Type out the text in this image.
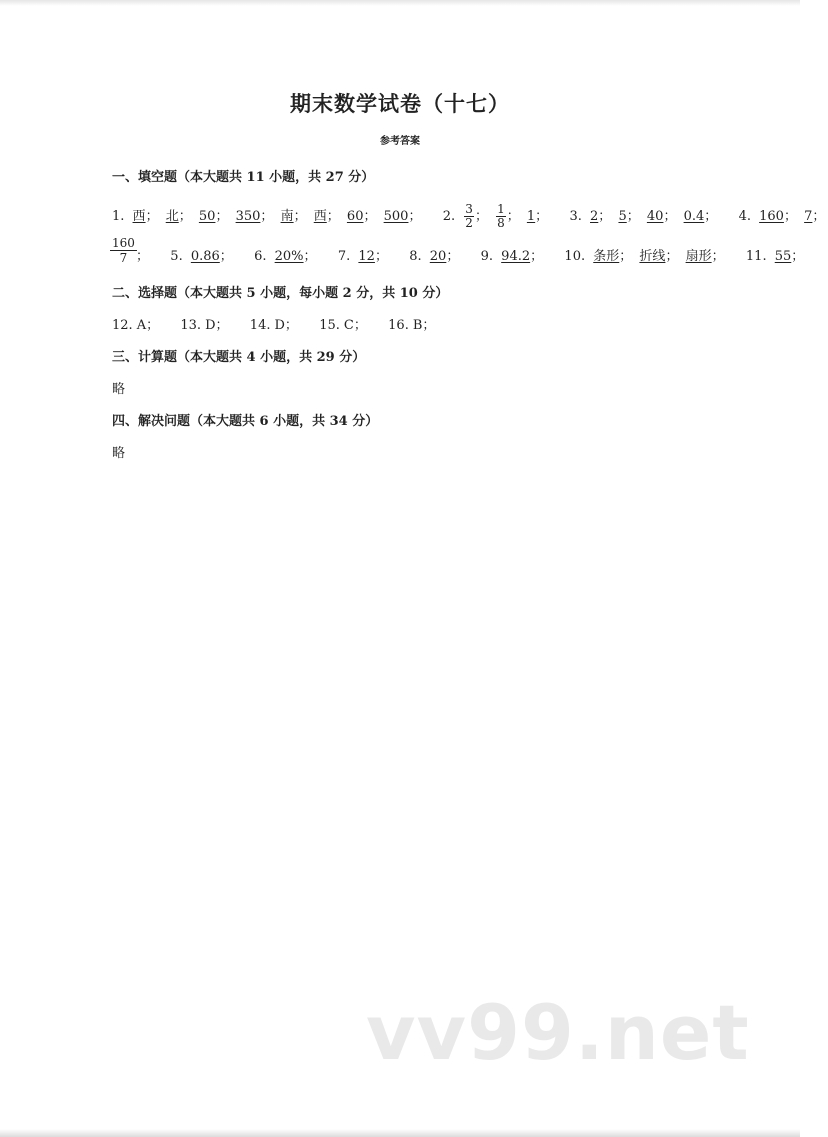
期末数学试卷（十七）
参考答案
一、填空题（本大题共 11 小题，共 27 分）
1. 西； 北； 50； 350； 南； 西； 60； 500； 2. $\frac{3}{2}$ ； $\frac{1}{8}$ ； 1； 3. 2； 5； 40； 0.4； 4. 160； 7；
$\frac{160}{7}$ ； 5. 0.86； 6. 20%； 7. 12； 8. 20； 9. 94.2； 10. 条形； 折线； 扇形； 11. 55；
二、选择题（本大题共 5 小题，每小题 2 分，共 10 分）
12. A； 13. D； 14. D； 15. C； 16. B；
三、计算题（本大题共 4 小题，共 29 分）
略
四、解决问题（本大题共 6 小题，共 34 分）
略
vv99.net
